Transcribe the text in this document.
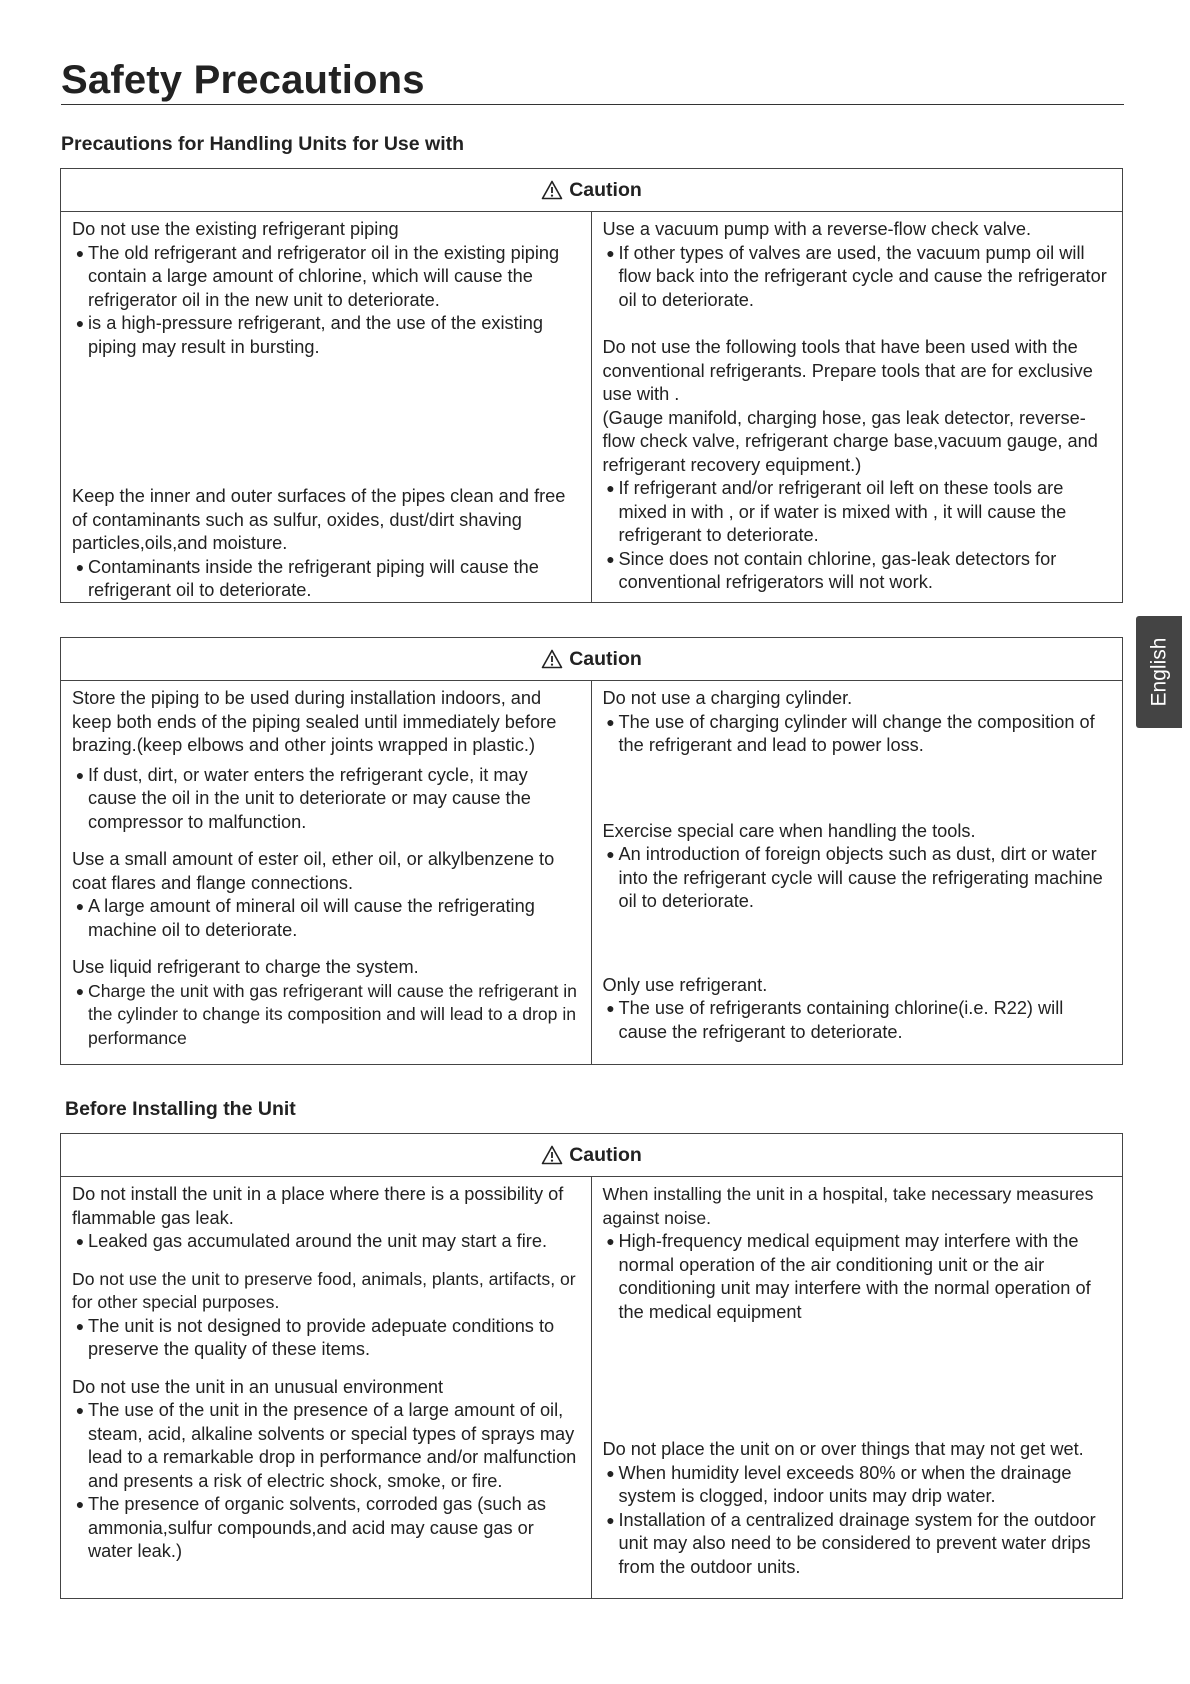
Safety Precautions
English
Precautions for Handling Units for Use with
Caution

Do not use the existing refrigerant piping

● The old refrigerant and refrigerator oil in the existing piping contain a large amount of chlorine, which will cause the refrigerator oil in the new unit to deteriorate.
● is a high-pressure refrigerant, and the use of the existing piping may result in bursting.

Keep the inner and outer surfaces of the pipes clean and free of contaminants such as sulfur, oxides, dust/dirt shaving particles,oils,and moisture.

● Contaminants inside the refrigerant piping will cause the refrigerant oil to deteriorate.

Use a vacuum pump with a reverse-flow check valve.

● If other types of valves are used, the vacuum pump oil will flow back into the refrigerant cycle and cause the refrigerator oil to deteriorate.

Do not use the following tools that have been used with the conventional refrigerants. Prepare tools that are for exclusive use with .

(Gauge manifold, charging hose, gas leak detector, reverse-flow check valve, refrigerant charge base,vacuum gauge, and refrigerant recovery equipment.)

● If refrigerant and/or refrigerant oil left on these tools are mixed in with , or if water is mixed with , it will cause the refrigerant to deteriorate.
● Since does not contain chlorine, gas-leak detectors for conventional refrigerators will not work.
Caution

Store the piping to be used during installation indoors, and keep both ends of the piping sealed until immediately before brazing.(keep elbows and other joints wrapped in plastic.)

● If dust, dirt, or water enters the refrigerant cycle, it may cause the oil in the unit to deteriorate or may cause the compressor to malfunction.

Use a small amount of ester oil, ether oil, or alkylbenzene to coat flares and flange connections.

● A large amount of mineral oil will cause the refrigerating machine oil to deteriorate.

Use liquid refrigerant to charge the system.

● Charge the unit with gas refrigerant will cause the refrigerant in the cylinder to change its composition and will lead to a drop in performance

Do not use a charging cylinder.

● The use of charging cylinder will change the composition of the refrigerant and lead to power loss.

Exercise special care when handling the tools.

● An introduction of foreign objects such as dust, dirt or water into the refrigerant cycle will cause the refrigerating machine oil to deteriorate.

Only use refrigerant.

● The use of refrigerants containing chlorine(i.e. R22) will cause the refrigerant to deteriorate.
Before Installing the Unit
Caution

Do not install the unit in a place where there is a possibility of flammable gas leak.

● Leaked gas accumulated around the unit may start a fire.

Do not use the unit to preserve food, animals, plants, artifacts, or for other special purposes.

● The unit is not designed to provide adepuate conditions to preserve the quality of these items.

Do not use the unit in an unusual environment

● The use of the unit in the presence of a large amount of oil, steam, acid, alkaline solvents or special types of sprays may lead to a remarkable drop in performance and/or malfunction and presents a risk of electric shock, smoke, or fire.
● The presence of organic solvents, corroded gas (such as ammonia,sulfur compounds,and acid may cause gas or water leak.)

When installing the unit in a hospital, take necessary measures against noise.

● High-frequency medical equipment may interfere with the normal operation of the air conditioning unit or the air conditioning unit may interfere with the normal operation of the medical equipment

Do not place the unit on or over things that may not get wet.

● When humidity level exceeds 80% or when the drainage system is clogged, indoor units may drip water.
● Installation of a centralized drainage system for the outdoor unit may also need to be considered to prevent water drips from the outdoor units.
